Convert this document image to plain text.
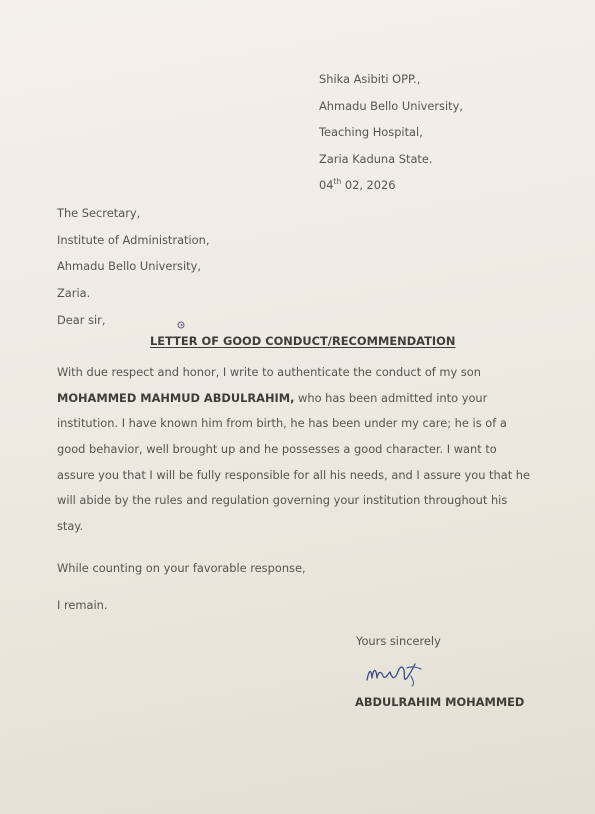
Shika Asibiti OPP.,
Ahmadu Bello University,
Teaching Hospital,
Zaria Kaduna State.
04th 02, 2026
The Secretary,
Institute of Administration,
Ahmadu Bello University,
Zaria.
Dear sir,
LETTER OF GOOD CONDUCT/RECOMMENDATION
With due respect and honor, I write to authenticate the conduct of my son
MOHAMMED MAHMUD ABDULRAHIM, who has been admitted into your
institution. I have known him from birth, he has been under my care; he is of a
good behavior, well brought up and he possesses a good character. I want to
assure you that I will be fully responsible for all his needs, and I assure you that he
will abide by the rules and regulation governing your institution throughout his
stay.
While counting on your favorable response,
I remain.
Yours sincerely
ABDULRAHIM MOHAMMED
